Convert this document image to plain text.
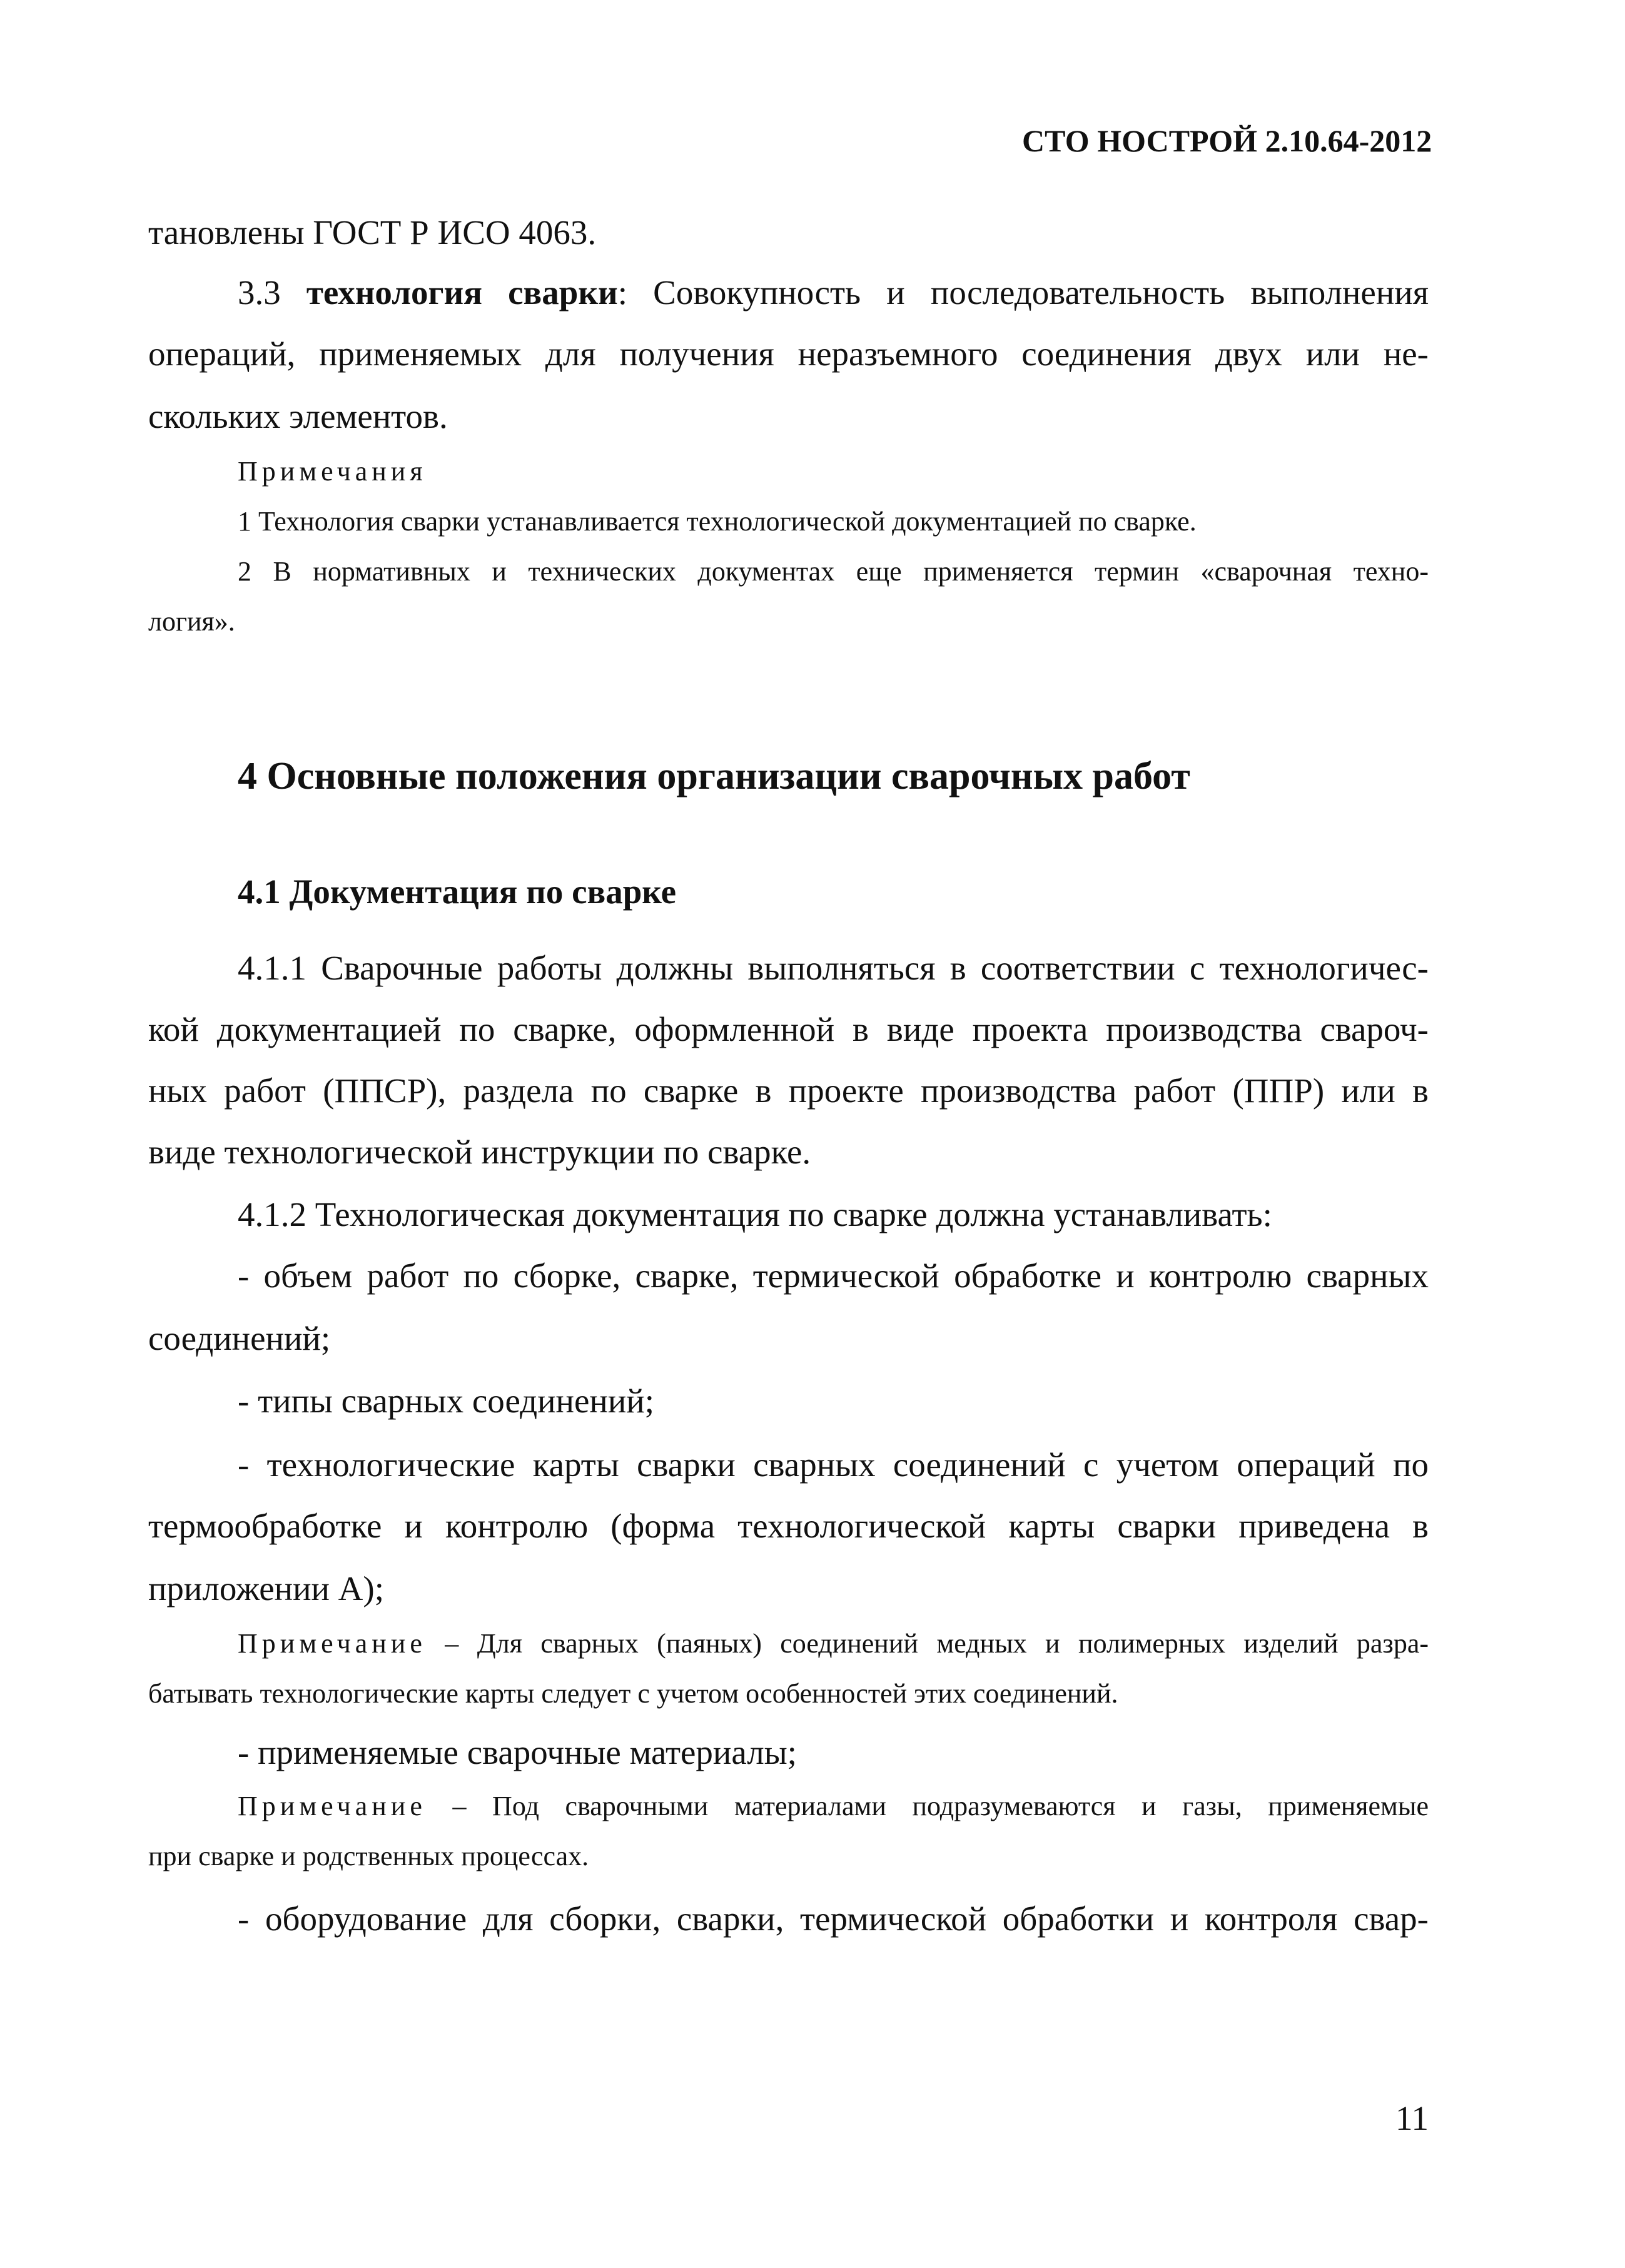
СТО НОСТРОЙ 2.10.64-2012
тановлены ГОСТ Р ИСО 4063.
3.3 технология сварки: Совокупность и последовательность выполнения
операций, применяемых для получения неразъемного соединения двух или не-
скольких элементов.
Примечания
1 Технология сварки устанавливается технологической документацией по сварке.
2 В нормативных и технических документах еще применяется термин «сварочная техно-
логия».
4 Основные положения организации сварочных работ
4.1 Документация по сварке
4.1.1 Сварочные работы должны выполняться в соответствии с технологичес-
кой документацией по сварке, оформленной в виде проекта производства свароч-
ных работ (ППСР), раздела по сварке в проекте производства работ (ППР) или в
виде технологической инструкции по сварке.
4.1.2 Технологическая документация по сварке должна устанавливать:
- объем работ по сборке, сварке, термической обработке и контролю сварных
соединений;
- типы сварных соединений;
- технологические карты сварки сварных соединений с учетом операций по
термообработке и контролю (форма технологической карты сварки приведена в
приложении А);
Примечание – Для сварных (паяных) соединений медных и полимерных изделий разра-
батывать технологические карты следует с учетом особенностей этих соединений.
- применяемые сварочные материалы;
Примечание – Под сварочными материалами подразумеваются и газы, применяемые
при сварке и родственных процессах.
- оборудование для сборки, сварки, термической обработки и контроля свар-
11
